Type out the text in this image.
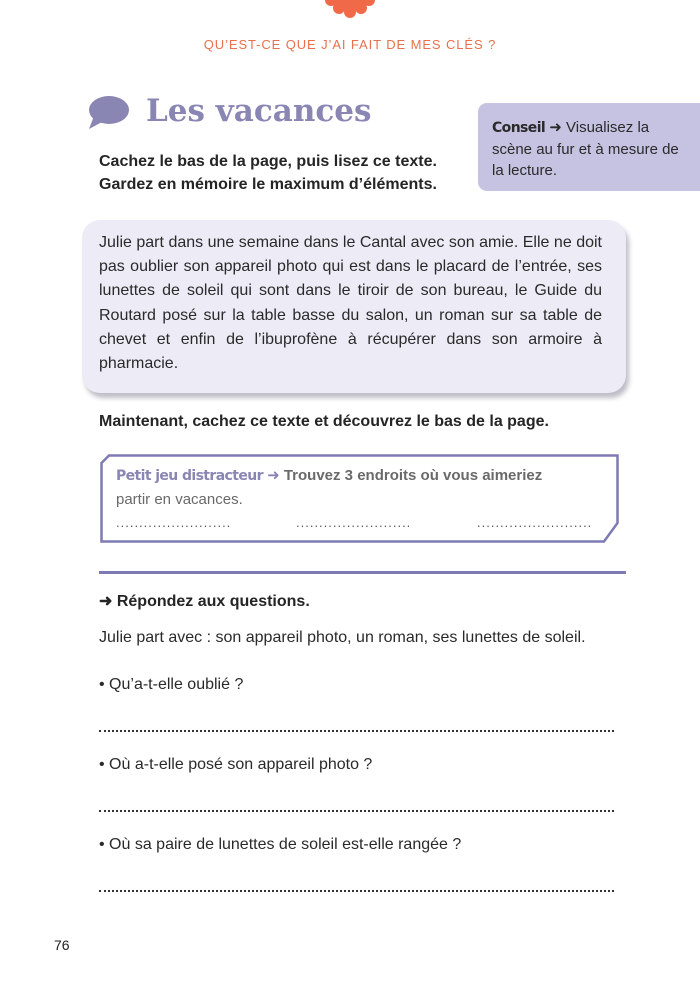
QU’EST-CE QUE J’AI FAIT DE MES CLÉS ?
Les vacances
Cachez le bas de la page, puis lisez ce texte.
Gardez en mémoire le maximum d’éléments.
Conseil ➜ Visualisez la scène au fur et à mesure de la lecture.
Julie part dans une semaine dans le Cantal avec son amie. Elle ne doit pas oublier son appareil photo qui est dans le placard de l’entrée, ses lunettes de soleil qui sont dans le tiroir de son bureau, le Guide du Routard posé sur la table basse du salon, un roman sur sa table de chevet et enfin de l’ibuprofène à récupérer dans son armoire à pharmacie.
Maintenant, cachez ce texte et découvrez le bas de la page.
Petit jeu distracteur ➜ Trouvez 3 endroits où vous aimeriez
partir en vacances.
.........................	.........................	.........................
➜ Répondez aux questions.
Julie part avec : son appareil photo, un roman, ses lunettes de soleil.
• Qu’a-t-elle oublié ?
• Où a-t-elle posé son appareil photo ?
• Où sa paire de lunettes de soleil est-elle rangée ?
76
